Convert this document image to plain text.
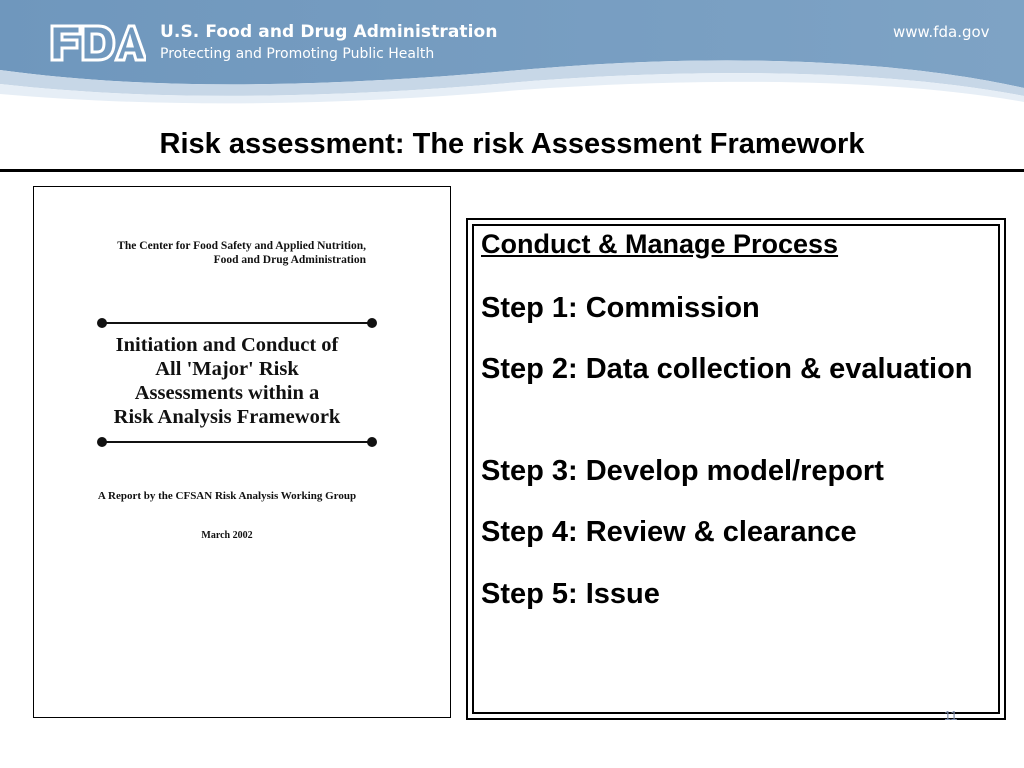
U.S. Food and Drug Administration
Protecting and Promoting Public Health
www.fda.gov
Risk assessment: The risk Assessment Framework
The Center for Food Safety and Applied Nutrition,
Food and Drug Administration
Initiation and Conduct of
All 'Major' Risk
Assessments within a
Risk Analysis Framework
A Report by the CFSAN Risk Analysis Working Group
March 2002
Conduct & Manage Process
Step 1: Commission
Step 2: Data collection & evaluation
Step 3: Develop model/report
Step 4: Review & clearance
Step 5: Issue
11
